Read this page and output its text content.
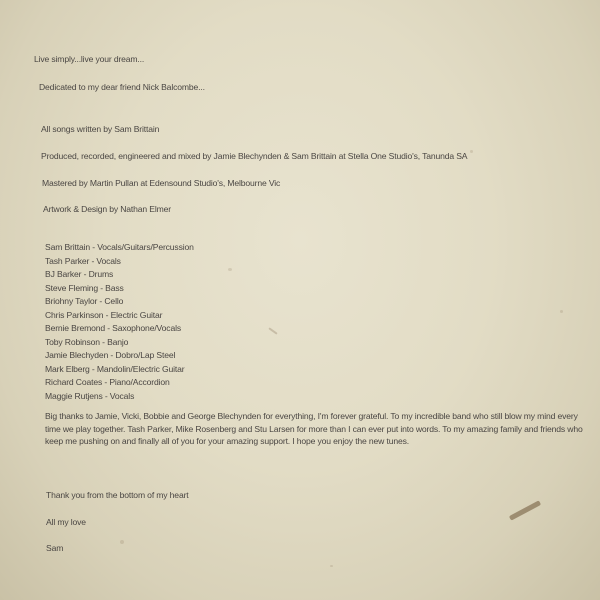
Live simply...live your dream...
Dedicated to my dear friend Nick Balcombe...
All songs written by Sam Brittain
Produced, recorded, engineered and mixed by Jamie Blechynden & Sam Brittain at Stella One Studio's, Tanunda SA
Mastered by Martin Pullan at Edensound Studio's, Melbourne Vic
Artwork & Design by Nathan Elmer
Sam Brittain - Vocals/Guitars/Percussion
Tash Parker - Vocals
BJ Barker - Drums
Steve Fleming - Bass
Briohny Taylor - Cello
Chris Parkinson - Electric Guitar
Bernie Bremond - Saxophone/Vocals
Toby Robinson - Banjo
Jamie Blechyden - Dobro/Lap Steel
Mark Elberg - Mandolin/Electric Guitar
Richard Coates - Piano/Accordion
Maggie Rutjens - Vocals

Big thanks to Jamie, Vicki, Bobbie and George Blechynden for everything, I'm forever grateful. To my incredible band who still blow my mind every time we play together. Tash Parker, Mike Rosenberg and Stu Larsen for more than I can ever put into words. To my amazing family and friends who keep me pushing on and finally all of you for your amazing support. I hope you enjoy the new tunes.

Thank you from the bottom of my heart
All my love
Sam
